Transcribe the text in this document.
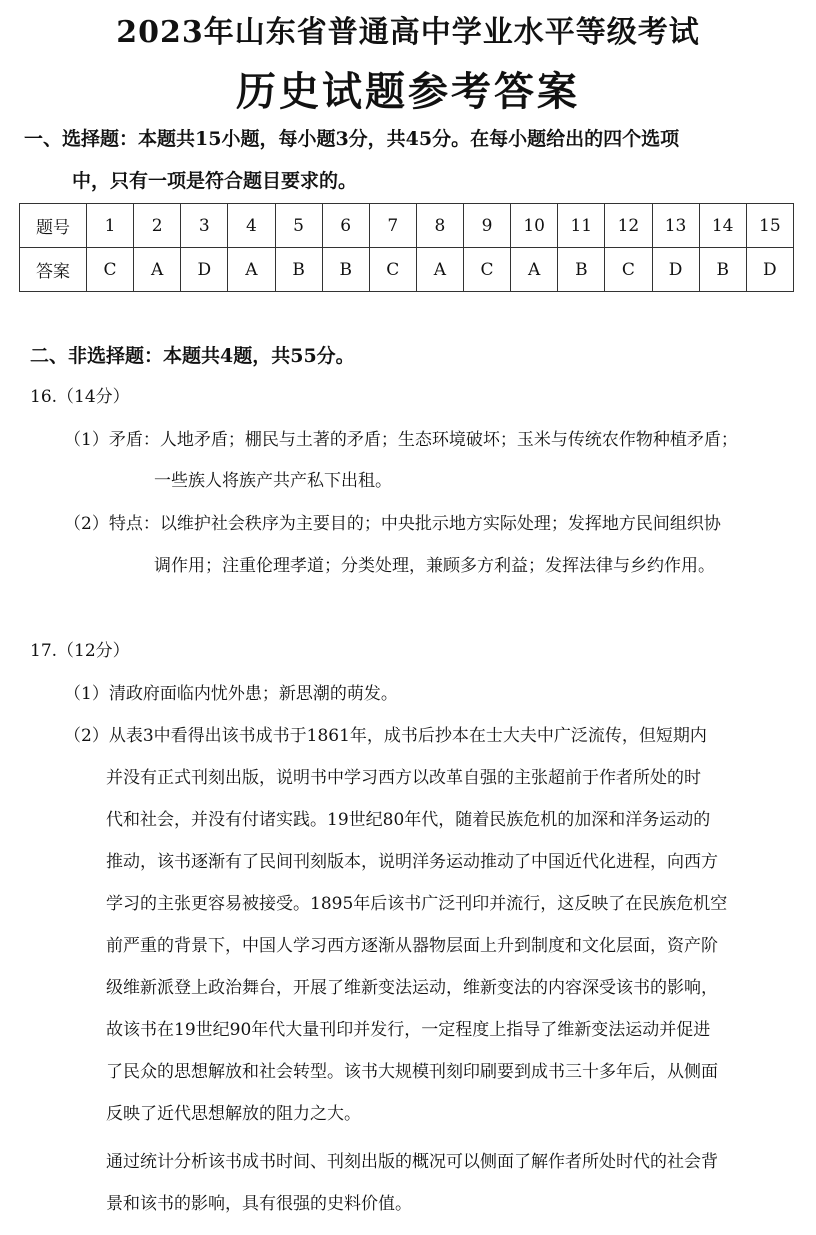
2023年山东省普通高中学业水平等级考试
历史试题参考答案
一、选择题：本题共15小题，每小题3分，共45分。在每小题给出的四个选项
中，只有一项是符合题目要求的。
题号	1	2	3	4	5	6	7	8	9	10	11	12	13	14	15
答案	C	A	D	A	B	B	C	A	C	A	B	C	D	B	D
二、非选择题：本题共4题，共55分。
16.（14分）
（1）矛盾：人地矛盾；棚民与土著的矛盾；生态环境破坏；玉米与传统农作物种植矛盾；
一些族人将族产共产私下出租。
（2）特点：以维护社会秩序为主要目的；中央批示地方实际处理；发挥地方民间组织协
调作用；注重伦理孝道；分类处理，兼顾多方利益；发挥法律与乡约作用。
17.（12分）
（1）清政府面临内忧外患；新思潮的萌发。
（2）从表3中看得出该书成书于1861年，成书后抄本在士大夫中广泛流传，但短期内
并没有正式刊刻出版，说明书中学习西方以改革自强的主张超前于作者所处的时
代和社会，并没有付诸实践。19世纪80年代，随着民族危机的加深和洋务运动的
推动，该书逐渐有了民间刊刻版本，说明洋务运动推动了中国近代化进程，向西方
学习的主张更容易被接受。1895年后该书广泛刊印并流行，这反映了在民族危机空
前严重的背景下，中国人学习西方逐渐从器物层面上升到制度和文化层面，资产阶
级维新派登上政治舞台，开展了维新变法运动，维新变法的内容深受该书的影响，
故该书在19世纪90年代大量刊印并发行，一定程度上指导了维新变法运动并促进
了民众的思想解放和社会转型。该书大规模刊刻印刷要到成书三十多年后，从侧面
反映了近代思想解放的阻力之大。
通过统计分析该书成书时间、刊刻出版的概况可以侧面了解作者所处时代的社会背
景和该书的影响，具有很强的史料价值。
